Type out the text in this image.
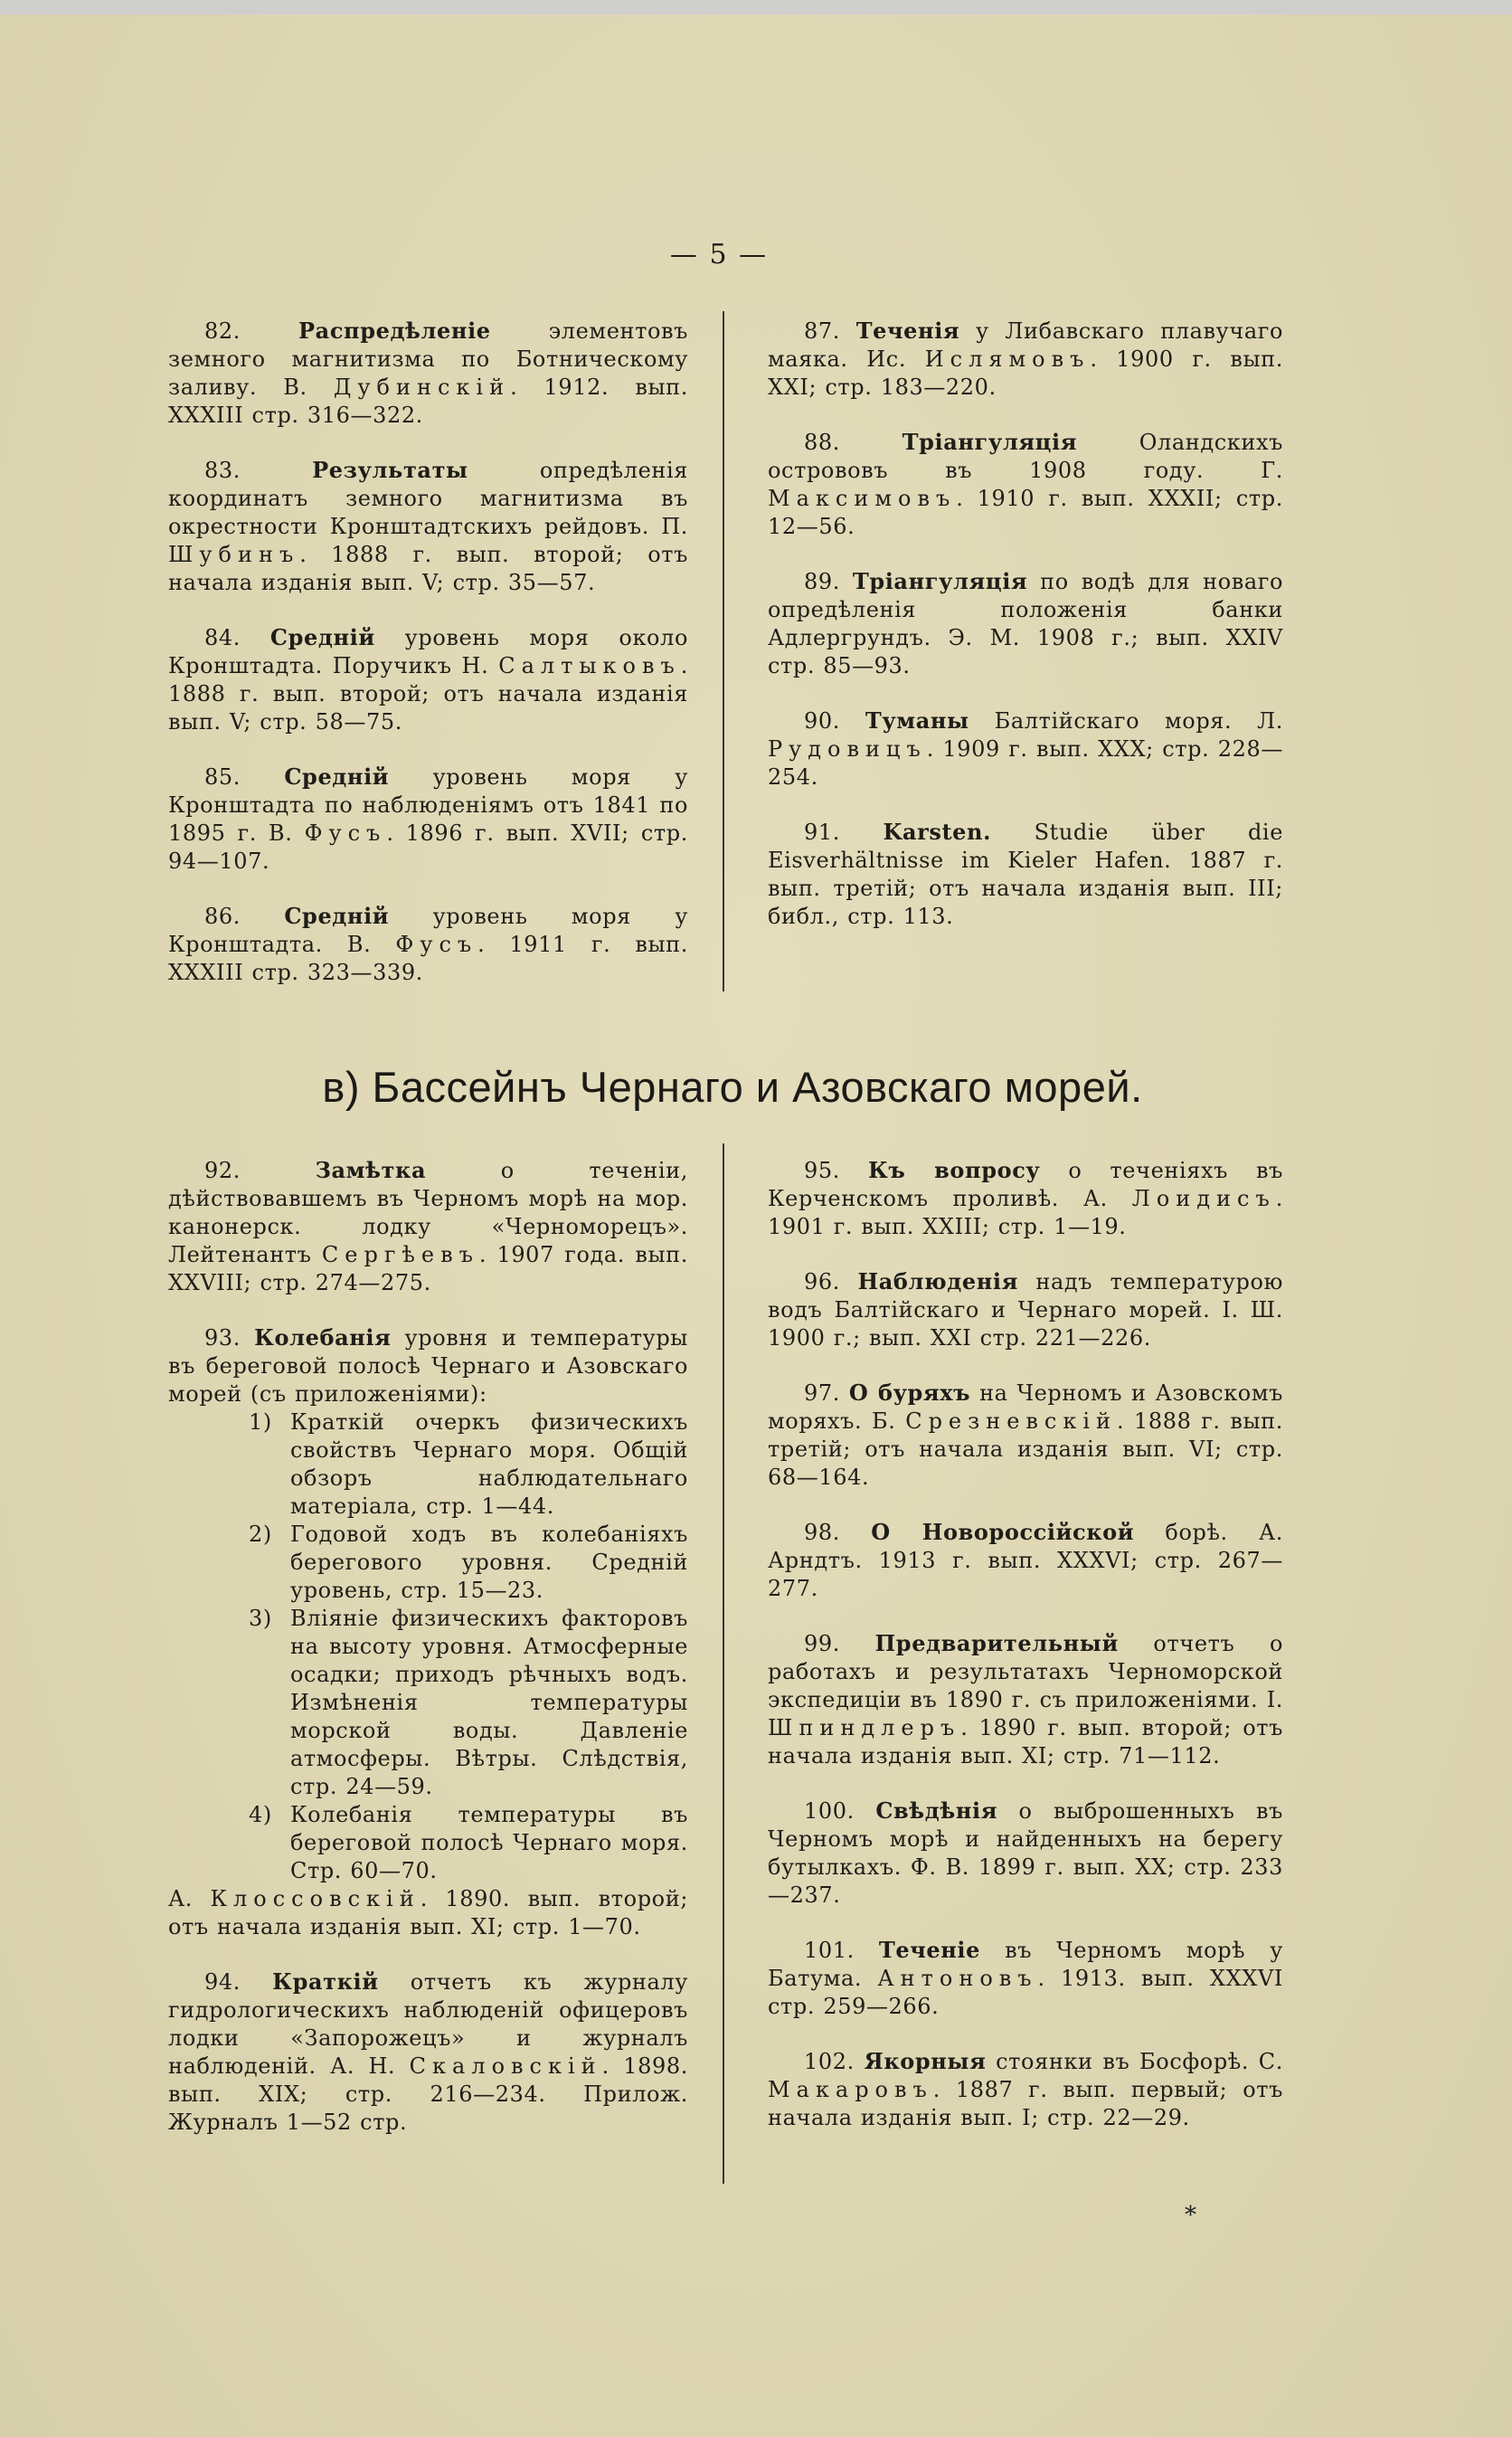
— 5 —
82.	Распредѣленіе элементовъ земного магнитизма по Ботническому заливу. В. Дубинскій. 1912. вып. XXXIII стр. 316—322.
83.	Результаты опредѣленія координатъ земного магнитизма въ окрестности Кронштадтскихъ рейдовъ. П. Шубинъ. 1888 г. вып. второй; отъ начала изданія вып. V; стр. 35—57.
84. Средній уровень моря около Кронштадта. Поручикъ Н. Салтыковъ. 1888 г. вып. второй; отъ начала изданія вып. V; стр. 58—75.
85. Средній уровень моря у Кронштадта по наблюденіямъ отъ 1841 по 1895 г. В. Фусъ. 1896 г. вып. XVII; стр. 94—107.
86. Средній уровень моря у Кронштадта. В. Фусъ. 1911 г. вып. XXXIII стр. 323—339.
87. Теченія у Либавскаго плавучаго маяка. Ис. Ислямовъ. 1900 г. вып. XXI; стр. 183—220.
88.	Тріангуляція Оландскихъ острововъ въ 1908 году. Г. Максимовъ. 1910 г. вып. XXXII; стр. 12—56.
89. Тріангуляція по водѣ для новаго опредѣленія положенія банки Адлергрундъ. Э. М. 1908 г.; вып. XXIV стр. 85—93.
90. Туманы Балтійскаго моря. Л. Рудовицъ. 1909 г. вып. XXX; стр. 228—254.
91. Karsten. Studie über die Eisverhältnisse im Kieler Hafen. 1887 г. вып. третій; отъ начала изданія вып. III; библ., стр. 113.
в) Бассейнъ Чернаго и Азовскаго морей.
92.	Замѣтка о теченіи, дѣйствовавшемъ въ Черномъ морѣ на мор. канонерск. лодку «Черноморецъ». Лейтенантъ Сергѣевъ. 1907 года. вып. XXVIII; стр. 274—275.
93. Колебанія уровня и температуры въ береговой полосѣ Чернаго и Азовскаго морей (съ приложеніями):
1) Краткій очеркъ физическихъ свойствъ Чернаго моря. Общій обзоръ наблюдательнаго матеріала, стр. 1—44.
2) Годовой ходъ въ колебаніяхъ берегового уровня. Средній уровень, стр. 15—23.
3) Вліяніе физическихъ факторовъ на высоту уровня. Атмосферные осадки; приходъ рѣчныхъ водъ. Измѣненія температуры морской воды. Давленіе атмосферы. Вѣтры. Слѣдствія, стр. 24—59.
4) Колебанія температуры въ береговой полосѣ Чернаго моря. Стр. 60—70.
А. Клоссовскій. 1890. вып. второй; отъ начала изданія вып. XI; стр. 1—70.
94. Краткій отчетъ къ журналу гидрологическихъ наблюденій офицеровъ лодки «Запорожецъ» и журналъ наблюденій. А. Н. Скаловскій. 1898. вып. XIX; стр. 216—234. Прилож. Журналъ 1—52 стр.
95. Къ вопросу о теченіяхъ въ Керченскомъ проливѣ. А. Лоидисъ. 1901 г. вып. XXIII; стр. 1—19.
96. Наблюденія надъ температурою водъ Балтійскаго и Чернаго морей. І. Ш. 1900 г.; вып. XXI стр. 221—226.
97. О буряхъ на Черномъ и Азовскомъ моряхъ. Б. Срезневскій. 1888 г. вып. третій; отъ начала изданія вып. VI; стр. 68—164.
98. О Новороссійской борѣ. А. Арндтъ. 1913 г. вып. XXXVI; стр. 267—277.
99. Предварительный отчетъ о работахъ и результатахъ Черноморской экспедиціи въ 1890 г. съ приложеніями. І. Шпиндлеръ. 1890 г. вып. второй; отъ начала изданія вып. XI; стр. 71—112.
100. Свѣдѣнія о выброшенныхъ въ Черномъ морѣ и найденныхъ на берегу бутылкахъ. Ф. В. 1899 г. вып. XX; стр. 233—237.
101. Теченіе въ Черномъ морѣ у Батума. Антоновъ. 1913. вып. XXXVI стр. 259—266.
102. Якорныя стоянки въ Босфорѣ. С. Макаровъ. 1887 г. вып. первый; отъ начала изданія вып. I; стр. 22—29.
*
